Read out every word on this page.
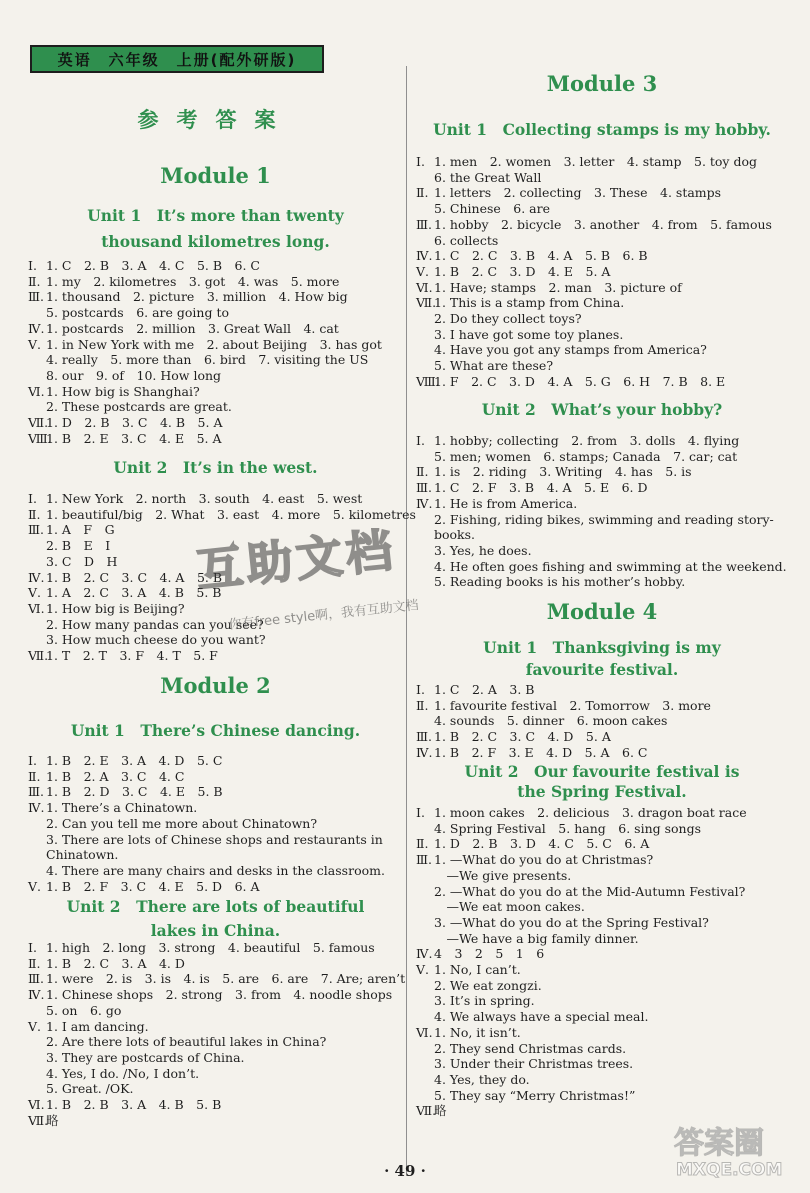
英语　六年级　上册(配外研版)
参考答案
Module 1
Unit 1　It’s more than twenty
thousand kilometres long.
Ⅰ. 1. C　2. B　3. A　4. C　5. B　6. C
Ⅱ. 1. my　2. kilometres　3. got　4. was　5. more
Ⅲ. 1. thousand　2. picture　3. million　4. How big
5. postcards　6. are going to
Ⅳ. 1. postcards　2. million　3. Great Wall　4. cat
Ⅴ. 1. in New York with me　2. about Beijing　3. has got
4. really　5. more than　6. bird　7. visiting the US
8. our　9. of　10. How long
Ⅵ.1. How big is Shanghai?
2. These postcards are great.
Ⅶ.1. D　2. B　3. C　4. B　5. A
Ⅷ.1. B　2. E　3. C　4. E　5. A
Unit 2　It’s in the west.
Ⅰ. 1. New York　2. north　3. south　4. east　5. west
Ⅱ. 1. beautiful/big　2. What　3. east　4. more　5. kilometres
Ⅲ. 1. A　F　G
2. B　E　I
3. C　D　H
Ⅳ. 1. B　2. C　3. C　4. A　5. B
Ⅴ. 1. A　2. C　3. A　4. B　5. B
Ⅵ.1. How big is Beijing?
2. How many pandas can you see?
3. How much cheese do you want?
Ⅶ.1. T　2. T　3. F　4. T　5. F
Module 2
Unit 1　There’s Chinese dancing.
Ⅰ. 1. B　2. E　3. A　4. D　5. C
Ⅱ. 1. B　2. A　3. C　4. C
Ⅲ. 1. B　2. D　3. C　4. E　5. B
Ⅳ. 1. There’s a Chinatown.
2. Can you tell me more about Chinatown?
3. There are lots of Chinese shops and restaurants in
Chinatown.
4. There are many chairs and desks in the classroom.
Ⅴ. 1. B　2. F　3. C　4. E　5. D　6. A
Unit 2　There are lots of beautiful
lakes in China.
Ⅰ. 1. high　2. long　3. strong　4. beautiful　5. famous
Ⅱ. 1. B　2. C　3. A　4. D
Ⅲ. 1. were　2. is　3. is　4. is　5. are　6. are　7. Are; aren’t
Ⅳ. 1. Chinese shops　2. strong　3. from　4. noodle shops
5. on　6. go
Ⅴ. 1. I am dancing.
2. Are there lots of beautiful lakes in China?
3. They are postcards of China.
4. Yes, I do. /No, I don’t.
5. Great. /OK.
Ⅵ.1. B　2. B　3. A　4. B　5. B
Ⅶ.略
Module 3
Unit 1　Collecting stamps is my hobby.
Ⅰ. 1. men　2. women　3. letter　4. stamp　5. toy dog
6. the Great Wall
Ⅱ. 1. letters　2. collecting　3. These　4. stamps
5. Chinese　6. are
Ⅲ. 1. hobby　2. bicycle　3. another　4. from　5. famous
6. collects
Ⅳ. 1. C　2. C　3. B　4. A　5. B　6. B
Ⅴ. 1. B　2. C　3. D　4. E　5. A
Ⅵ.1. Have; stamps　2. man　3. picture of
Ⅶ.1. This is a stamp from China.
2. Do they collect toys?
3. I have got some toy planes.
4. Have you got any stamps from America?
5. What are these?
Ⅷ.1. F　2. C　3. D　4. A　5. G　6. H　7. B　8. E
Unit 2　What’s your hobby?
Ⅰ. 1. hobby; collecting　2. from　3. dolls　4. flying
5. men; women　6. stamps; Canada　7. car; cat
Ⅱ. 1. is　2. riding　3. Writing　4. has　5. is
Ⅲ. 1. C　2. F　3. B　4. A　5. E　6. D
Ⅳ. 1. He is from America.
2. Fishing, riding bikes, swimming and reading story-
books.
3. Yes, he does.
4. He often goes fishing and swimming at the weekend.
5. Reading books is his mother’s hobby.
Module 4
Unit 1　Thanksgiving is my
favourite festival.
Ⅰ. 1. C　2. A　3. B
Ⅱ. 1. favourite festival　2. Tomorrow　3. more
4. sounds　5. dinner　6. moon cakes
Ⅲ. 1. B　2. C　3. C　4. D　5. A
Ⅳ. 1. B　2. F　3. E　4. D　5. A　6. C
Unit 2　Our favourite festival is
the Spring Festival.
Ⅰ. 1. moon cakes　2. delicious　3. dragon boat race
4. Spring Festival　5. hang　6. sing songs
Ⅱ. 1. D　2. B　3. D　4. C　5. C　6. A
Ⅲ. 1. —What do you do at Christmas?
　—We give presents.
2. —What do you do at the Mid-Autumn Festival?
　—We eat moon cakes.
3. —What do you do at the Spring Festival?
　—We have a big family dinner.
Ⅳ. 4　3　2　5　1　6
Ⅴ. 1. No, I can’t.
2. We eat zongzi.
3. It’s in spring.
4. We always have a special meal.
Ⅵ.1. No, it isn’t.
2. They send Christmas cards.
3. Under their Christmas trees.
4. Yes, they do.
5. They say “Merry Christmas!”
Ⅶ.略
互助文档
你有free style啊，我有互助文档
答案圈
MXQE.COM
· 49 ·
